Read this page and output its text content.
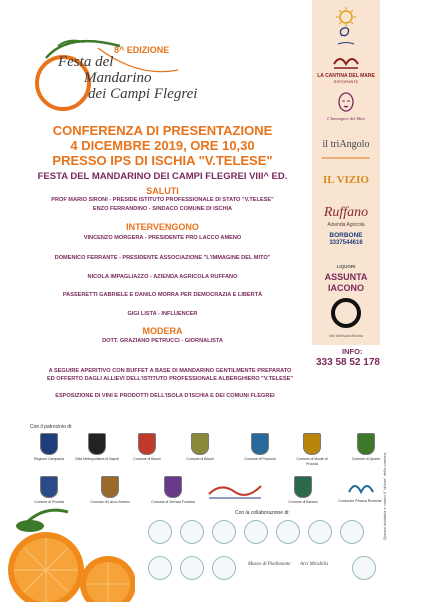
8^ EDIZIONE
Festa del
Mandarino
dei Campi Flegrei
CONFERENZA DI PRESENTAZIONE
4 DICEMBRE 2019, ORE 10,30
PRESSO IPS DI ISCHIA "V.TELESE"
FESTA DEL MANDARINO DEI CAMPI FLEGREI VIII^ ED.
SALUTI
PROF MARIO SIRONI - PRESIDE ISTITUTO PROFESSIONALE DI STATO "V.TELESE"
ENZO FERRANDINO - SINDACO COMUNE DI ISCHIA
INTERVENGONO
VINCENZO MORGERA - PRESIDENTE PRO LACCO AMENO
DOMENICO FERRANTE - PRESIDENTE ASSOCIAZIONE "L'IMMAGINE DEL MITO"
NICOLA IMPAGLIAZZO - AZIENDA AGRICOLA RUFFANO
PASSERETTI GABRIELE E DANILO MORRA PER DEMOCRAZIA E LIBERTÀ
GIGI LISTA - INFLUENCER
MODERA
DOTT. GRAZIANO PETRUCCI - GIORNALISTA
A SEGUIRE APERITIVO CON BUFFET A BASE DI MANDARINO GENTILMENTE PREPARATO
ED OFFERTO DAGLI ALLIEVI DELL'ISTITUTO PROFESSIONALE ALBERGHIERO "V.TELESE"
ESPOSIZIONE DI VINI E PRODOTTI DELL'ISOLA D'ISCHIA E DEI COMUNI FLEGREI
INFO:
333 58 52 178
LA CANTINA DEL MARE
RISTORANTE
L'Immagine del Mito
il triAngolo
IL VIZIO
Ruffano
Azienda Agricola
BORBONE
3337544616
LIQUORI
ASSUNTA
IACONO
Vini dell'isola d'Ischia
Questa iniziativa è contro il "dolore" della carriera.
Con il patrocinio di:
Regione Campania	Città Metropolitana di Napoli	Comune di Bacoli	Comune di Bacoli	Comune di Pozzuoli	Comune di Monte di Procida
Comune di Quarto
Comune di Procida	Comune di Lacco Ameno	Comune di Serrara Fontana	Comune di Barano	Consorzio Pesaca Ricerche
Con la collaborazione di:
Museo di Piedimonte Arci Mirabilis
